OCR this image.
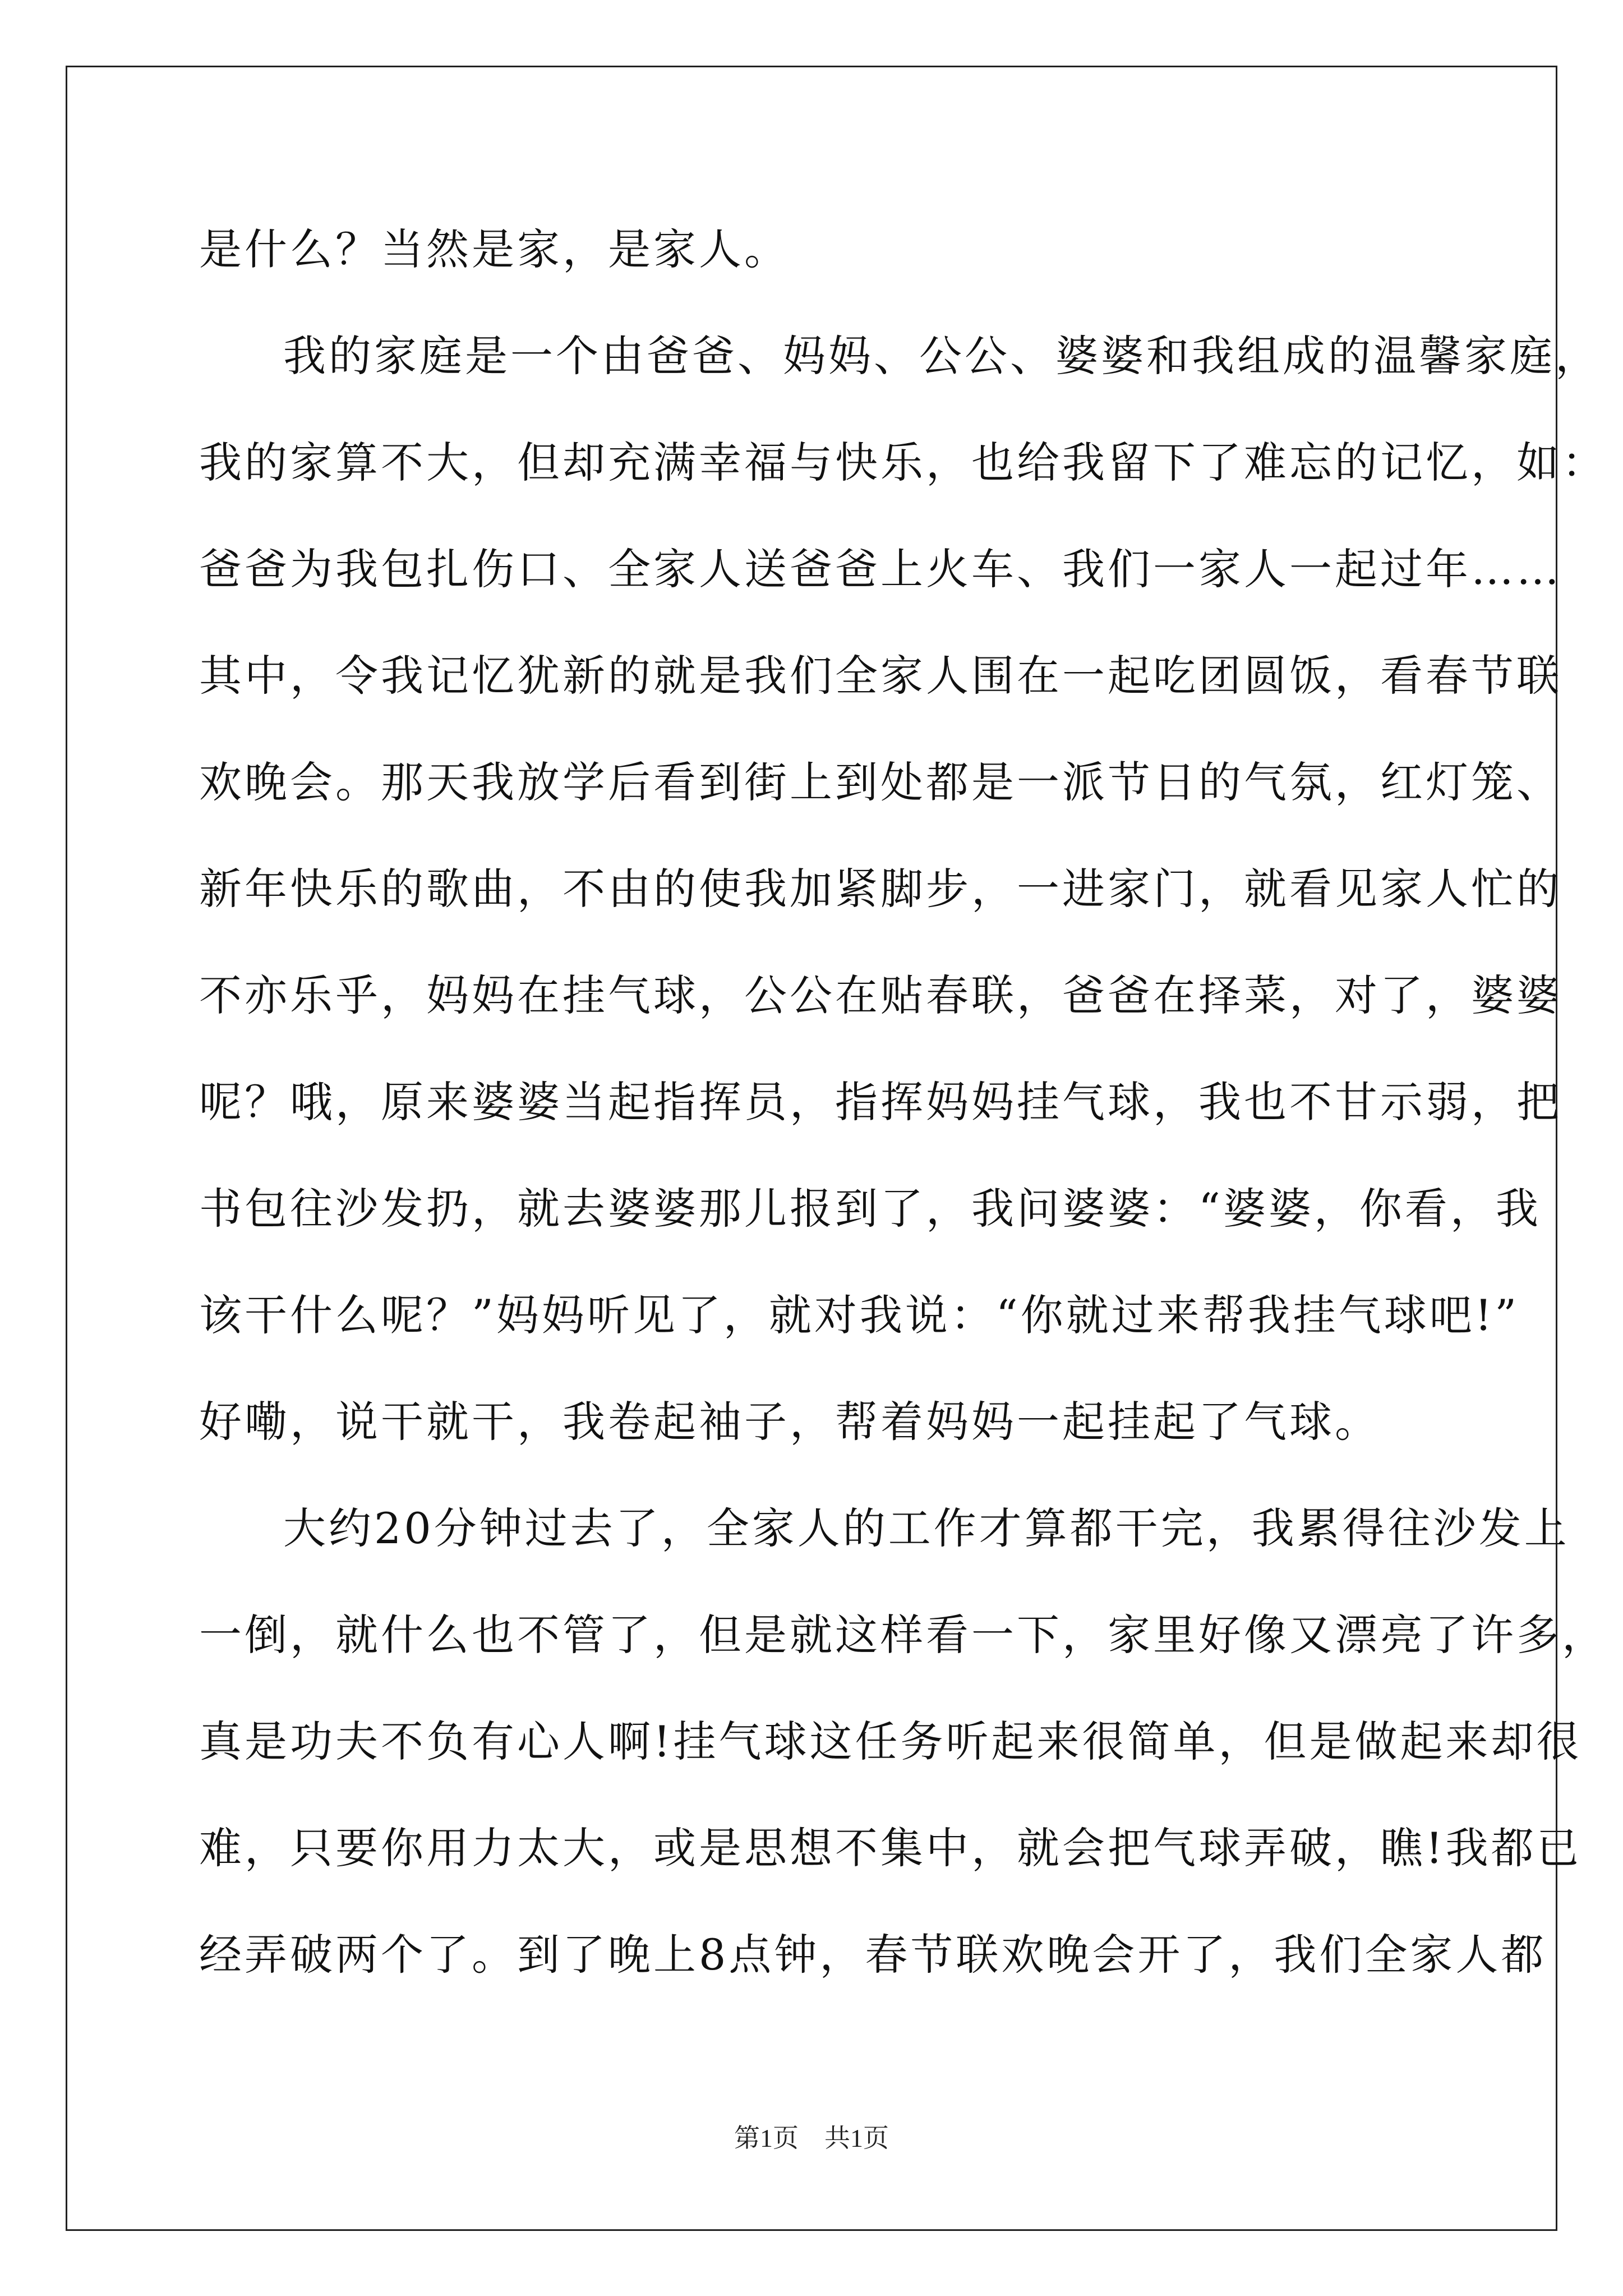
是什么？当然是家，是家人。
我的家庭是一个由爸爸、妈妈、公公、婆婆和我组成的温馨家庭，
我的家算不大，但却充满幸福与快乐，也给我留下了难忘的记忆，如：
爸爸为我包扎伤口、全家人送爸爸上火车、我们一家人一起过年……
其中，令我记忆犹新的就是我们全家人围在一起吃团圆饭，看春节联
欢晚会。那天我放学后看到街上到处都是一派节日的气氛，红灯笼、
新年快乐的歌曲，不由的使我加紧脚步，一进家门，就看见家人忙的
不亦乐乎，妈妈在挂气球，公公在贴春联，爸爸在择菜，对了，婆婆
呢？哦，原来婆婆当起指挥员，指挥妈妈挂气球，我也不甘示弱，把
书包往沙发扔，就去婆婆那儿报到了，我问婆婆：“婆婆，你看，我
该干什么呢？”妈妈听见了，就对我说：“你就过来帮我挂气球吧!”
好嘞，说干就干，我卷起袖子，帮着妈妈一起挂起了气球。
大约20分钟过去了，全家人的工作才算都干完，我累得往沙发上
一倒，就什么也不管了，但是就这样看一下，家里好像又漂亮了许多，
真是功夫不负有心人啊!挂气球这任务听起来很简单，但是做起来却很
难，只要你用力太大，或是思想不集中，就会把气球弄破，瞧!我都已
经弄破两个了。到了晚上8点钟，春节联欢晚会开了，我们全家人都
第1页　共1页
